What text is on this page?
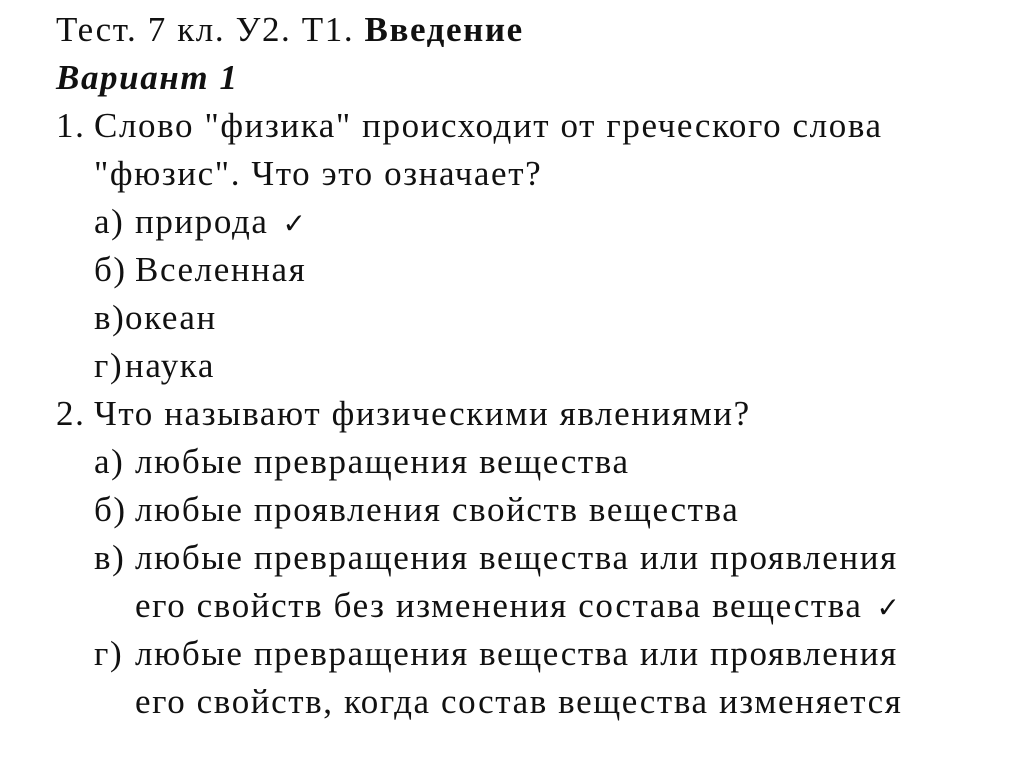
Тест. 7 кл. У2. Т1. Введение
Вариант 1
1. Слово "физика" происходит от греческого слова
"фюзис". Что это означает?
а) природа ✓
б) Вселенная
в) океан
г) наука
2. Что называют физическими явлениями?
а) любые превращения вещества
б) любые проявления свойств вещества
в) любые превращения вещества или проявления
его свойств без изменения состава вещества ✓
г) любые превращения вещества или проявления
его свойств, когда состав вещества изменяется
